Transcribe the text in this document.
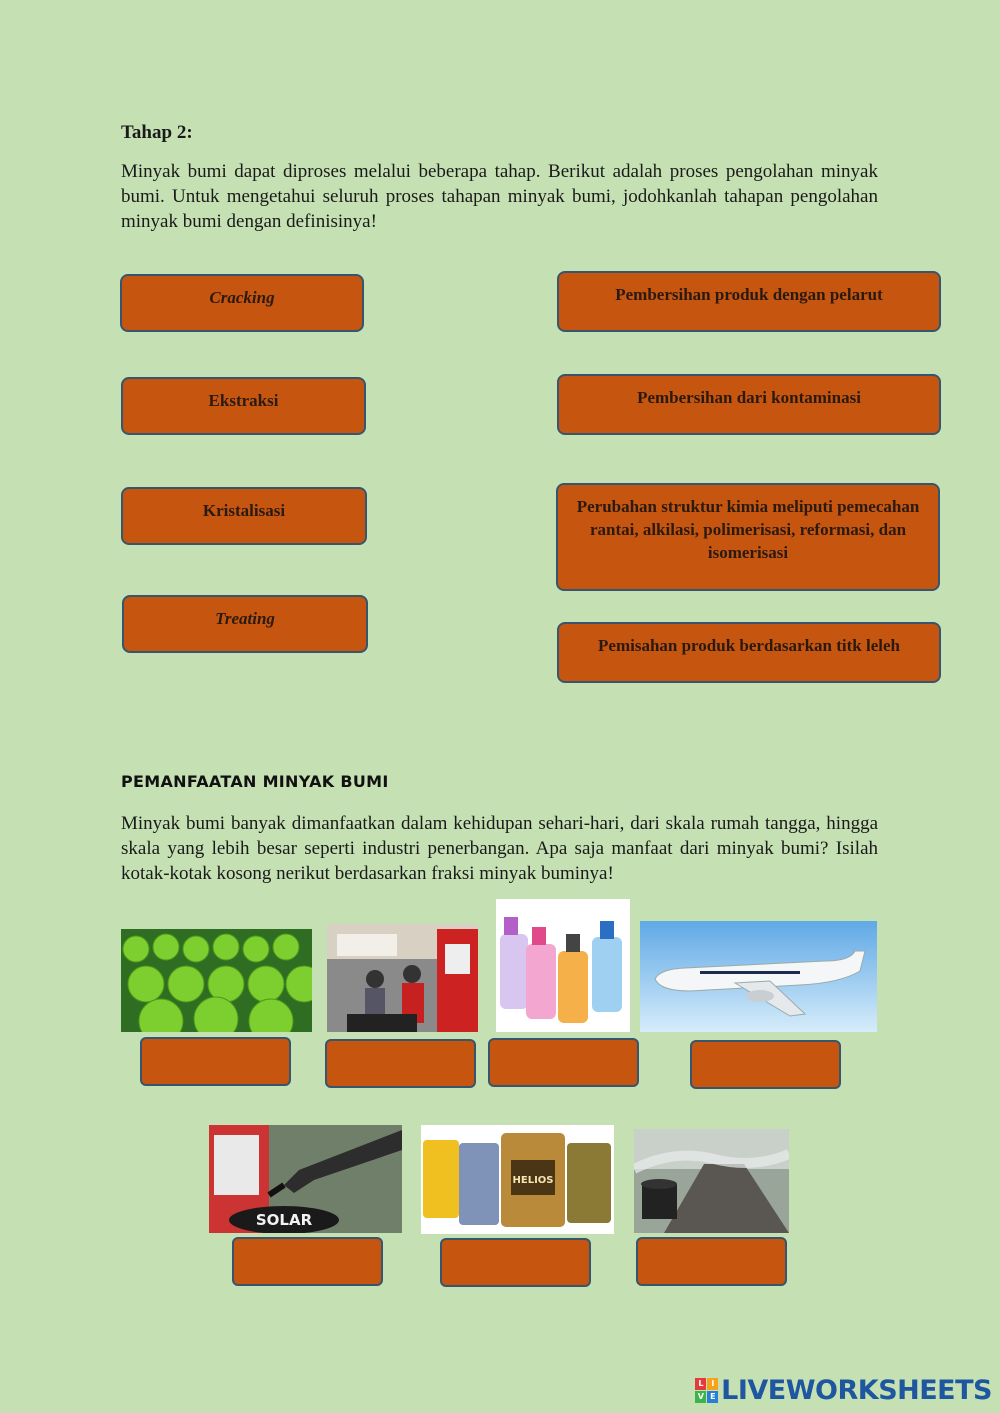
Tahap 2:

Minyak bumi dapat diproses melalui beberapa tahap. Berikut adalah proses pengolahan minyak bumi. Untuk mengetahui seluruh proses tahapan minyak bumi, jodohkanlah tahapan pengolahan minyak bumi dengan definisinya!

Cracking
Ekstraksi
Kristalisasi
Treating
Pembersihan produk dengan pelarut
Pembersihan dari kontaminasi
Perubahan struktur kimia meliputi pemecahan rantai, alkilasi, polimerisasi, reformasi, dan isomerisasi
Pemisahan produk berdasarkan titk leleh
PEMANFAATAN MINYAK BUMI

Minyak bumi banyak dimanfaatkan dalam kehidupan sehari-hari, dari skala rumah tangga, hingga skala yang lebih besar seperti industri penerbangan. Apa saja manfaat dari minyak bumi? Isilah kotak-kotak kosong nerikut berdasarkan fraksi minyak buminya!

SOLAR
HELIOS
L	I
V E LIVEWORKSHEETS
